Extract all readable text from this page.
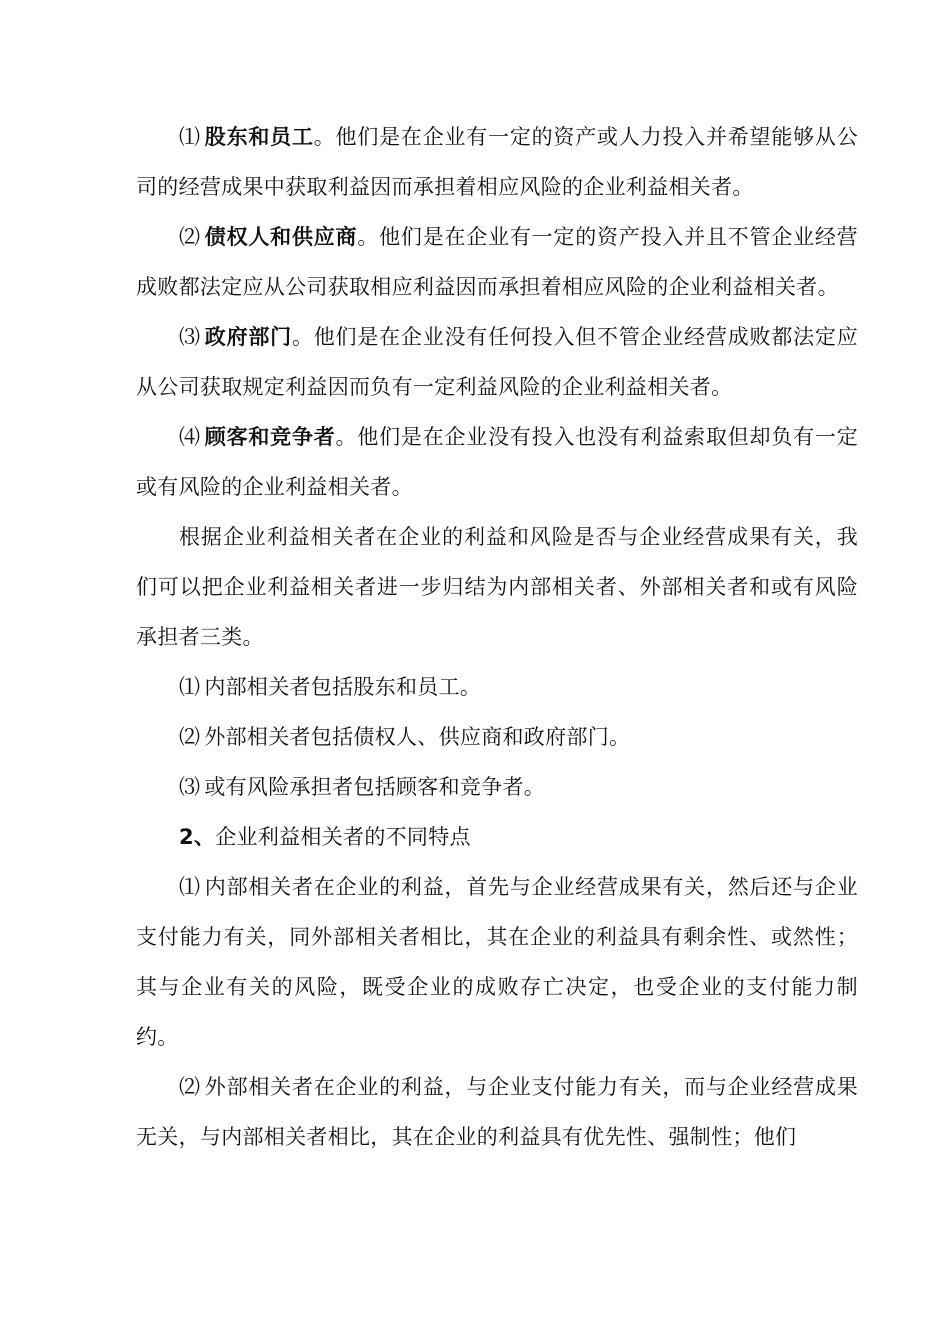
⑴ 股东和员工。他们是在企业有一定的资产或人力投入并希望能够从公司的经营成果中获取利益因而承担着相应风险的企业利益相关者。

⑵ 债权人和供应商。他们是在企业有一定的资产投入并且不管企业经营成败都法定应从公司获取相应利益因而承担着相应风险的企业利益相关者。

⑶ 政府部门。他们是在企业没有任何投入但不管企业经营成败都法定应从公司获取规定利益因而负有一定利益风险的企业利益相关者。

⑷ 顾客和竞争者。他们是在企业没有投入也没有利益索取但却负有一定或有风险的企业利益相关者。

根据企业利益相关者在企业的利益和风险是否与企业经营成果有关，我们可以把企业利益相关者进一步归结为内部相关者、外部相关者和或有风险承担者三类。

⑴ 内部相关者包括股东和员工。

⑵ 外部相关者包括债权人、供应商和政府部门。

⑶ 或有风险承担者包括顾客和竞争者。

2、企业利益相关者的不同特点

⑴ 内部相关者在企业的利益，首先与企业经营成果有关，然后还与企业支付能力有关，同外部相关者相比，其在企业的利益具有剩余性、或然性；其与企业有关的风险，既受企业的成败存亡决定，也受企业的支付能力制约。

⑵ 外部相关者在企业的利益，与企业支付能力有关，而与企业经营成果无关，与内部相关者相比，其在企业的利益具有优先性、强制性；他们
